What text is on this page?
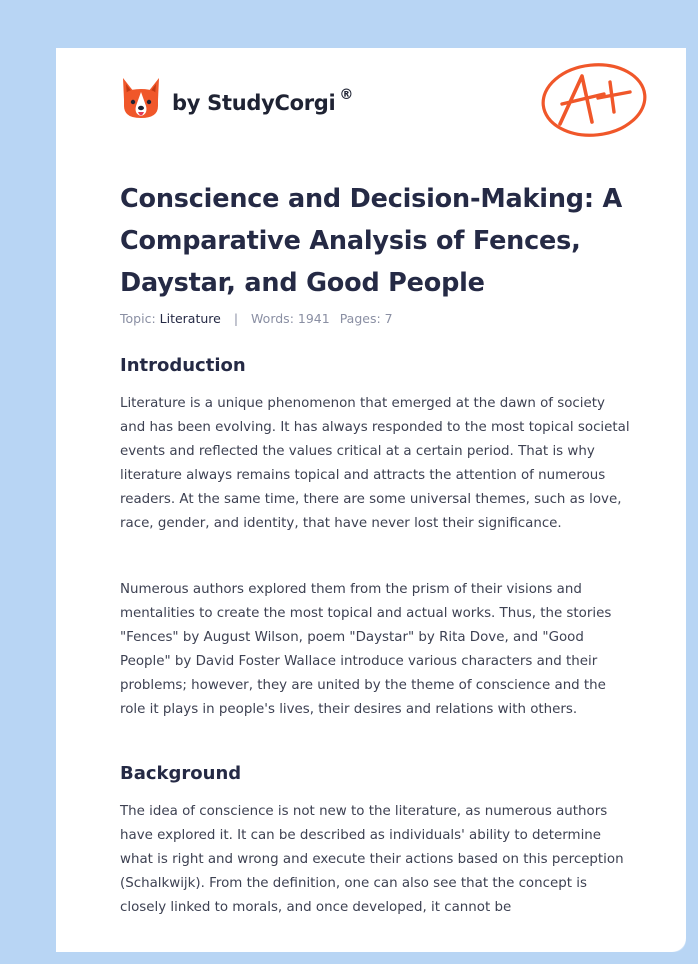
by StudyCorgi ®
Conscience and Decision-Making: A Comparative Analysis of Fences, Daystar, and Good People
Topic: Literature | Words: 1941 Pages: 7
Introduction

Literature is a unique phenomenon that emerged at the dawn of society and has been evolving. It has always responded to the most topical societal events and reflected the values critical at a certain period. That is why literature always remains topical and attracts the attention of numerous readers. At the same time, there are some universal themes, such as love, race, gender, and identity, that have never lost their significance.

Numerous authors explored them from the prism of their visions and mentalities to create the most topical and actual works. Thus, the stories "Fences" by August Wilson, poem "Daystar" by Rita Dove, and "Good People" by David Foster Wallace introduce various characters and their problems; however, they are united by the theme of conscience and the role it plays in people's lives, their desires and relations with others.

Background

The idea of conscience is not new to the literature, as numerous authors have explored it. It can be described as individuals' ability to determine what is right and wrong and execute their actions based on this perception (Schalkwijk). From the definition, one can also see that the concept is closely linked to morals, and once developed, it cannot be
